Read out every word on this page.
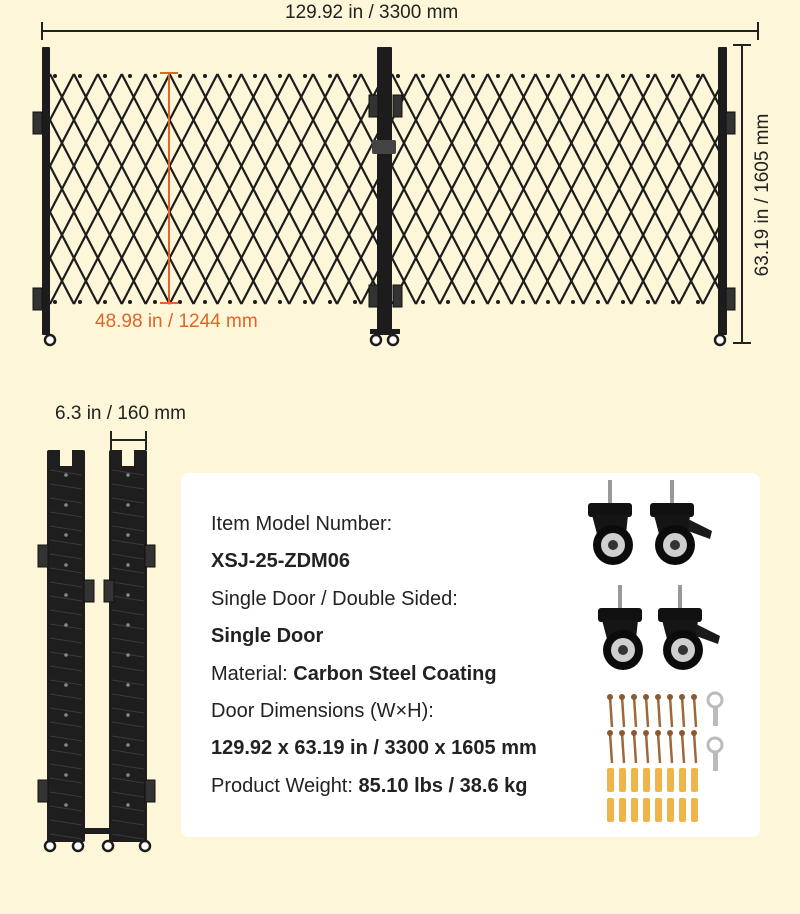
129.92 in / 3300 mm
63.19 in / 1605 mm
48.98 in / 1244 mm
6.3 in / 160 mm
Item Model Number:
XSJ-25-ZDM06
Single Door / Double Sided:
Single Door
Material: Carbon Steel Coating
Door Dimensions (W×H):
129.92 x 63.19 in / 3300 x 1605 mm
Product Weight: 85.10 lbs / 38.6 kg
